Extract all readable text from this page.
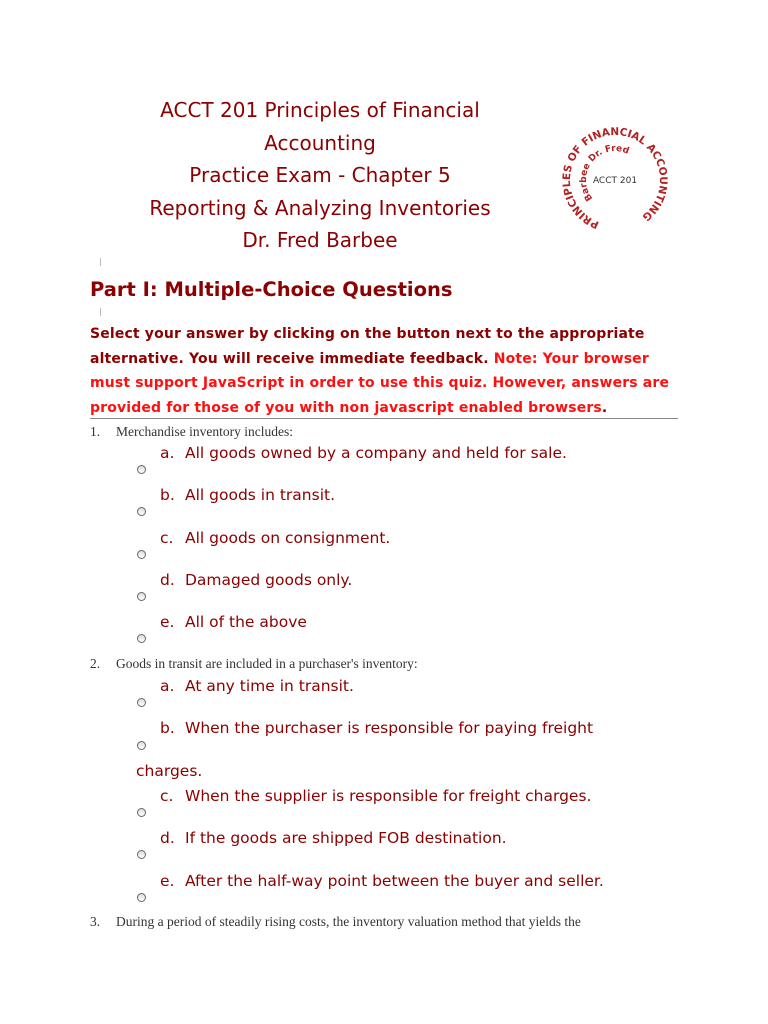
ACCT 201 Principles of Financial
Accounting
Practice Exam - Chapter 5
Reporting & Analyzing Inventories
Dr. Fred Barbee
PRINCIPLES OF FINANCIAL ACCOUNTING
Barbee Dr. Fred
ACCT 201
Part I: Multiple-Choice Questions
Select your answer by clicking on the button next to the appropriate alternative. You will receive immediate feedback. Note: Your browser must support JavaScript in order to use this quiz. However, answers are provided for those of you with non javascript enabled browsers.
1. Merchandise inventory includes:
a. All goods owned by a company and held for sale.
b. All goods in transit.
c. All goods on consignment.
d. Damaged goods only.
e. All of the above
2. Goods in transit are included in a purchaser's inventory:
a. At any time in transit.
b. When the purchaser is responsible for paying freight
charges.
c. When the supplier is responsible for freight charges.
d. If the goods are shipped FOB destination.
e. After the half-way point between the buyer and seller.
3. During a period of steadily rising costs, the inventory valuation method that yields the
